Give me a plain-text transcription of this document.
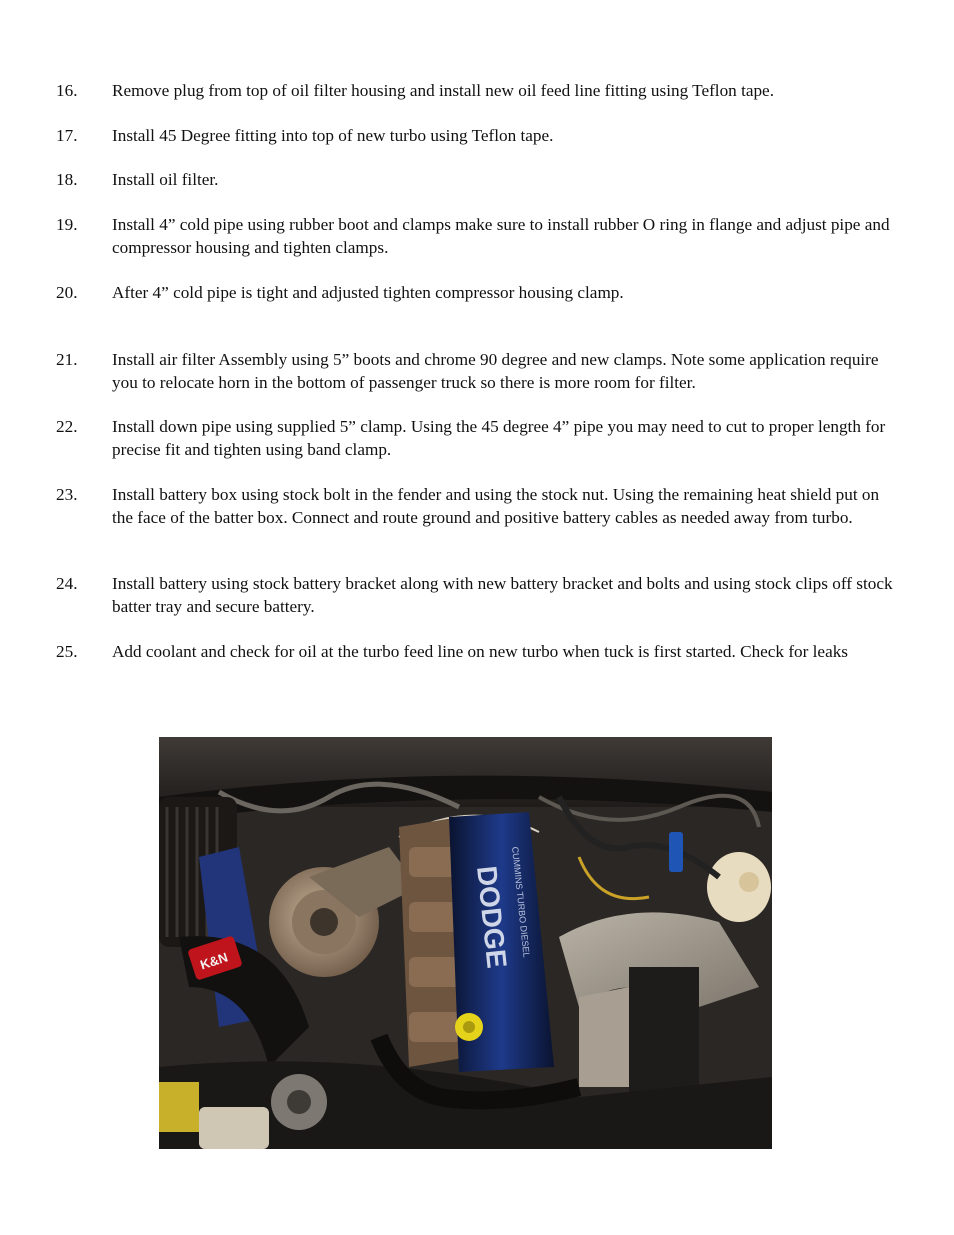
16. Remove plug from top of oil filter housing and install new oil feed line fitting using Teflon tape.
17. Install 45 Degree fitting into top of new turbo using Teflon tape.
18. Install oil filter.
19. Install 4” cold pipe using rubber boot and clamps make sure to install rubber O ring in flange and adjust pipe and compressor housing and tighten clamps.
20. After 4” cold pipe is tight and adjusted tighten compressor housing clamp.
21. Install air filter Assembly using 5” boots and chrome 90 degree and new clamps. Note some application require you to relocate horn in the bottom of passenger truck so there is more room for filter.
22. Install down pipe using supplied 5” clamp. Using the 45 degree 4” pipe you may need to cut to proper length for precise fit and tighten using band clamp.
23. Install battery box using stock bolt in the fender and using the stock nut. Using the remaining heat shield put on the face of the batter box. Connect and route ground and positive battery cables as needed away from turbo.
24. Install battery using stock battery bracket along with new battery bracket and bolts and using stock clips off stock batter tray and secure battery.
25. Add coolant and check for oil at the turbo feed line on new turbo when tuck is first started. Check for leaks
K&N	DODGE
CUMMINS TURBO DIESEL
